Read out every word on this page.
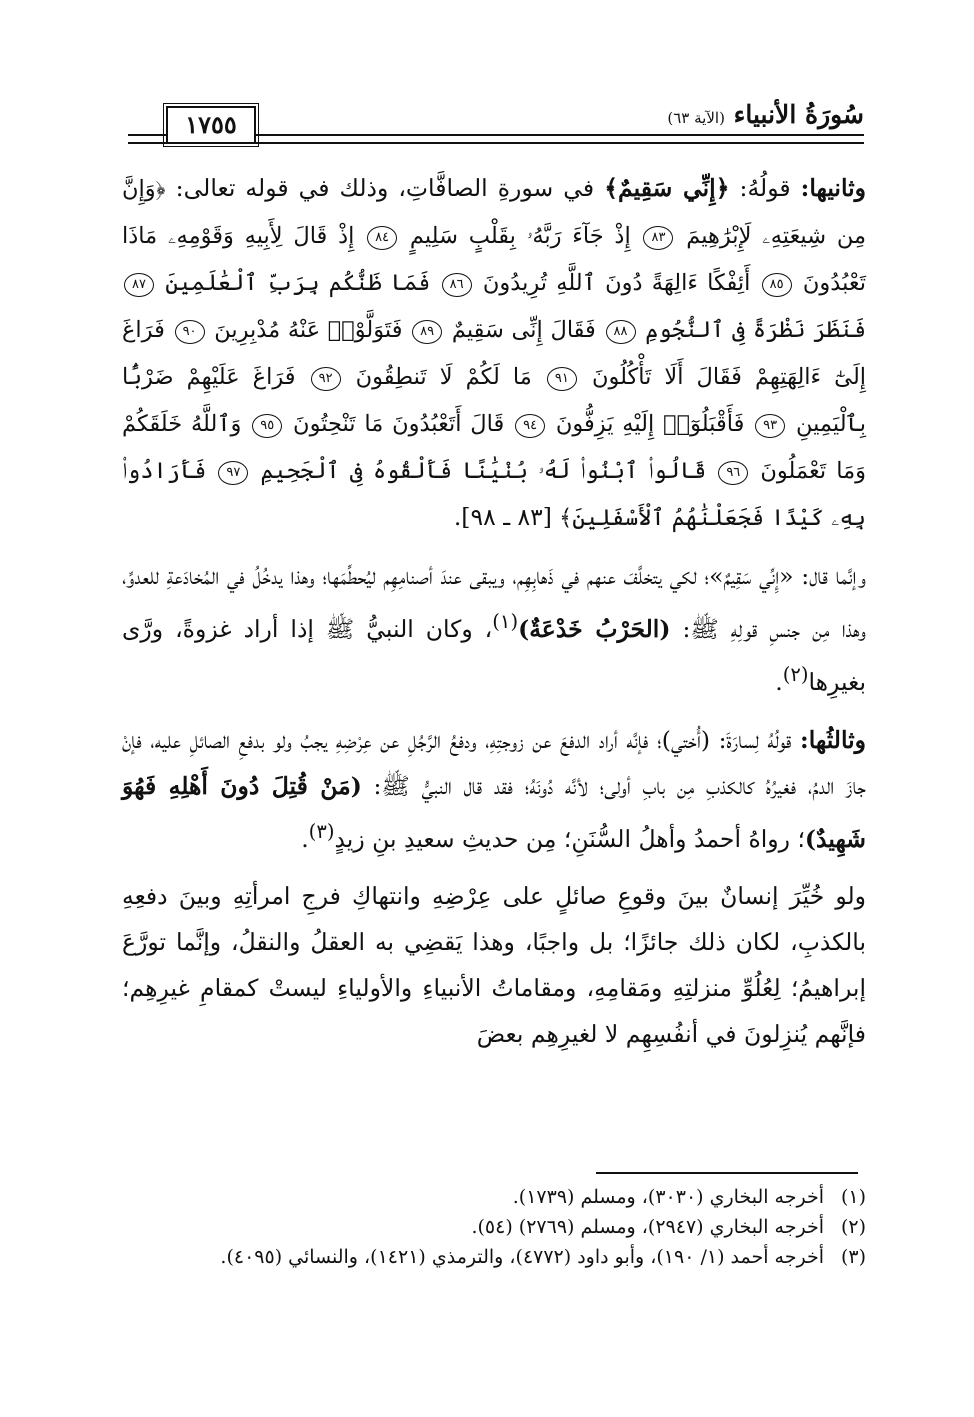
سُورَةُ الأنبياء (الآية ٦٣)
١٧٥٥

وثانيها: قولُهُ: ﴿إِنِّي سَقِيمٌ﴾ في سورةِ الصافَّاتِ، وذلك في قوله تعالى: ﴿وَإِنَّ مِن شِيعَتِهِۦ لَإِبْرَٰهِيمَ ٨٣ إِذْ جَآءَ رَبَّهُۥ بِقَلْبٍ سَلِيمٍ ٨٤ إِذْ قَالَ لِأَبِيهِ وَقَوْمِهِۦ مَاذَا تَعْبُدُونَ ٨٥ أَئِفْكًا ءَالِهَةً دُونَ ٱللَّهِ تُرِيدُونَ ٨٦ فَمَا ظَنُّكُم بِرَبِّ ٱلْعَٰلَمِينَ ٨٧ فَنَظَرَ نَظْرَةً فِى ٱلنُّجُومِ ٨٨ فَقَالَ إِنِّى سَقِيمٌ ٨٩ فَتَوَلَّوْا۟ عَنْهُ مُدْبِرِينَ ٩٠ فَرَاغَ إِلَىٰٓ ءَالِهَتِهِمْ فَقَالَ أَلَا تَأْكُلُونَ ٩١ مَا لَكُمْ لَا تَنطِقُونَ ٩٢ فَرَاغَ عَلَيْهِمْ ضَرْبًۢا بِٱلْيَمِينِ ٩٣ فَأَقْبَلُوٓا۟ إِلَيْهِ يَزِفُّونَ ٩٤ قَالَ أَتَعْبُدُونَ مَا تَنْحِتُونَ ٩٥ وَٱللَّهُ خَلَقَكُمْ وَمَا تَعْمَلُونَ ٩٦ قَالُوا۟ ٱبْنُوا۟ لَهُۥ بُنْيَٰنًا فَأَلْقُوهُ فِى ٱلْجَحِيمِ ٩٧ فَأَرَادُوا۟ بِهِۦ كَيْدًا فَجَعَلْنَٰهُمُ ٱلْأَسْفَلِينَ﴾ [٨٣ ـ ٩٨].

وإنَّما قال: «إِنِّي سَقِيمٌ»؛ لكي يتخلَّفَ عنهم في ذَهابِهِم، ويبقى عندَ أصنامِهِم ليُحطِّمَها؛ وهذا يدخُلُ في المُخادَعةِ للعدوِّ، وهذا مِن جنسِ قولِهِ ﷺ: (الحَرْبُ خَدْعَةٌ)$^{(١)}$، وكان النبيُّ ﷺ إذا أراد غزوةً، ورَّى بغيرِها$^{(٢)}$.

وثالثُها: قولُهُ لِسارَةَ: (أُختي)؛ فإنَّه أراد الدفعَ عن زوجتِهِ، ودفعُ الرَّجُلِ عن عِرْضِهِ يجبُ ولو بدفعِ الصائلِ عليه، فإنْ جازَ الدمُ، فغيرُهُ كالكذبِ مِن بابِ أولى؛ لأنَّه دُونَهُ؛ فقد قال النبيُّ ﷺ: (مَنْ قُتِلَ دُونَ أَهْلِهِ فَهُوَ شَهِيدٌ)؛ رواهُ أحمدُ وأهلُ السُّنَنِ؛ مِن حديثِ سعيدِ بنِ زيدٍ$^{(٣)}$.

ولو خُيِّرَ إنسانٌ بينَ وقوعِ صائلٍ على عِرْضِهِ وانتهاكِ فرجِ امرأتِهِ وبينَ دفعِهِ بالكذبِ، لكان ذلك جائزًا؛ بل واجبًا، وهذا يَقضِي به العقلُ والنقلُ، وإنَّما تورَّعَ إبراهيمُ؛ لِعُلُوِّ منزلتِهِ ومَقامِهِ، ومقاماتُ الأنبياءِ والأولياءِ ليستْ كمقامِ غيرِهِم؛ فإنَّهم يُنزِلونَ في أنفُسِهِم لا لغيرِهِم بعضَ

(١)
أخرجه البخاري (٣٠٣٠)، ومسلم (١٧٣٩).
(٢)
أخرجه البخاري (٢٩٤٧)، ومسلم (٢٧٦٩) (٥٤).
(٣)
أخرجه أحمد (١/ ١٩٠)، وأبو داود (٤٧٧٢)، والترمذي (١٤٢١)، والنسائي (٤٠٩٥).
